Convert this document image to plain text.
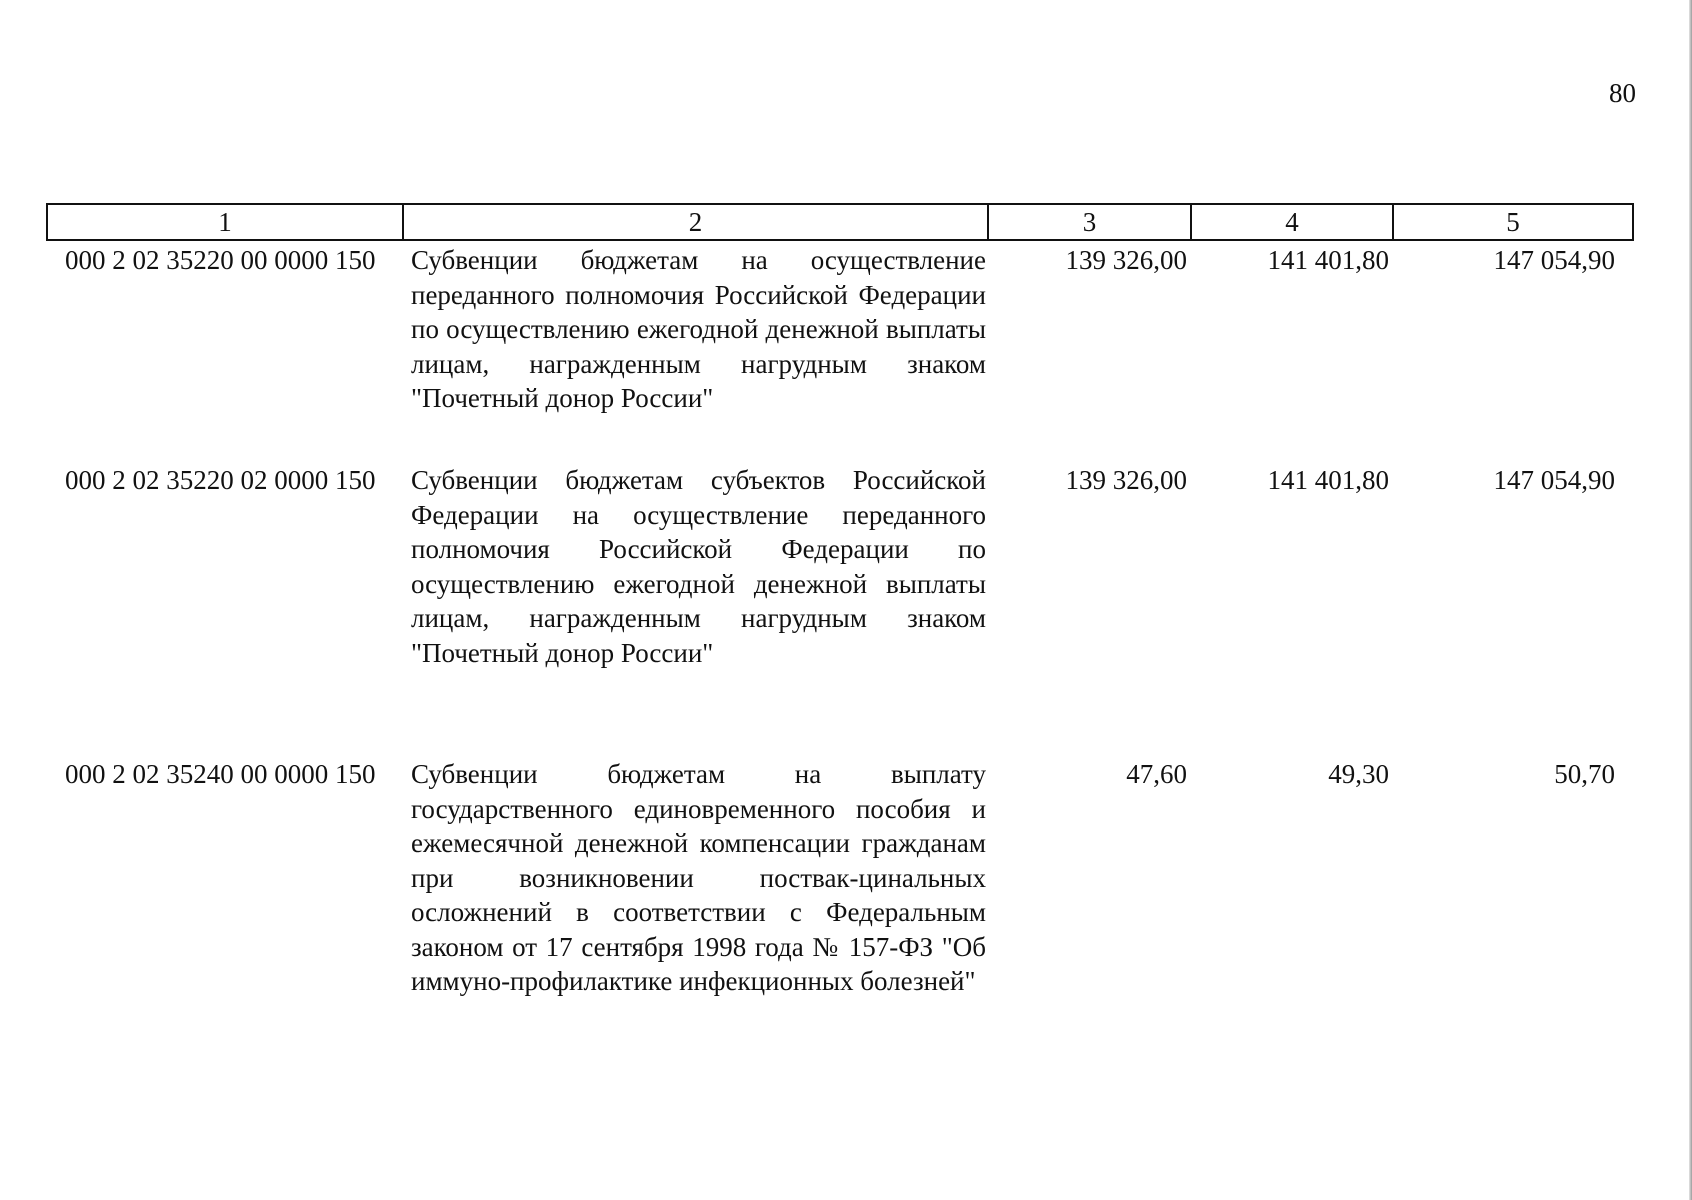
80
1	2	3	4	5
000 2 02 35220 00 0000 150	Субвенции бюджетам на осуществление переданного полномочия Российской Федерации по осуществлению ежегодной денежной выплаты лицам, награжденным нагрудным знаком "Почетный донор России"	139 326,00	141 401,80	147 054,90
000 2 02 35220 02 0000 150	Субвенции бюджетам субъектов Российской Федерации на осуществление переданного полномочия Российской Федерации по осуществлению ежегодной денежной выплаты лицам, награжденным нагрудным знаком "Почетный донор России"	139 326,00	141 401,80	147 054,90
000 2 02 35240 00 0000 150	Субвенции бюджетам на выплату государственного единовременного пособия и ежемесячной денежной компенсации гражданам при возникновении поствак-цинальных осложнений в соответствии с Федеральным законом от 17 сентября 1998 года № 157-ФЗ "Об иммуно-профилактике инфекционных болезней"	47,60	49,30	50,70
